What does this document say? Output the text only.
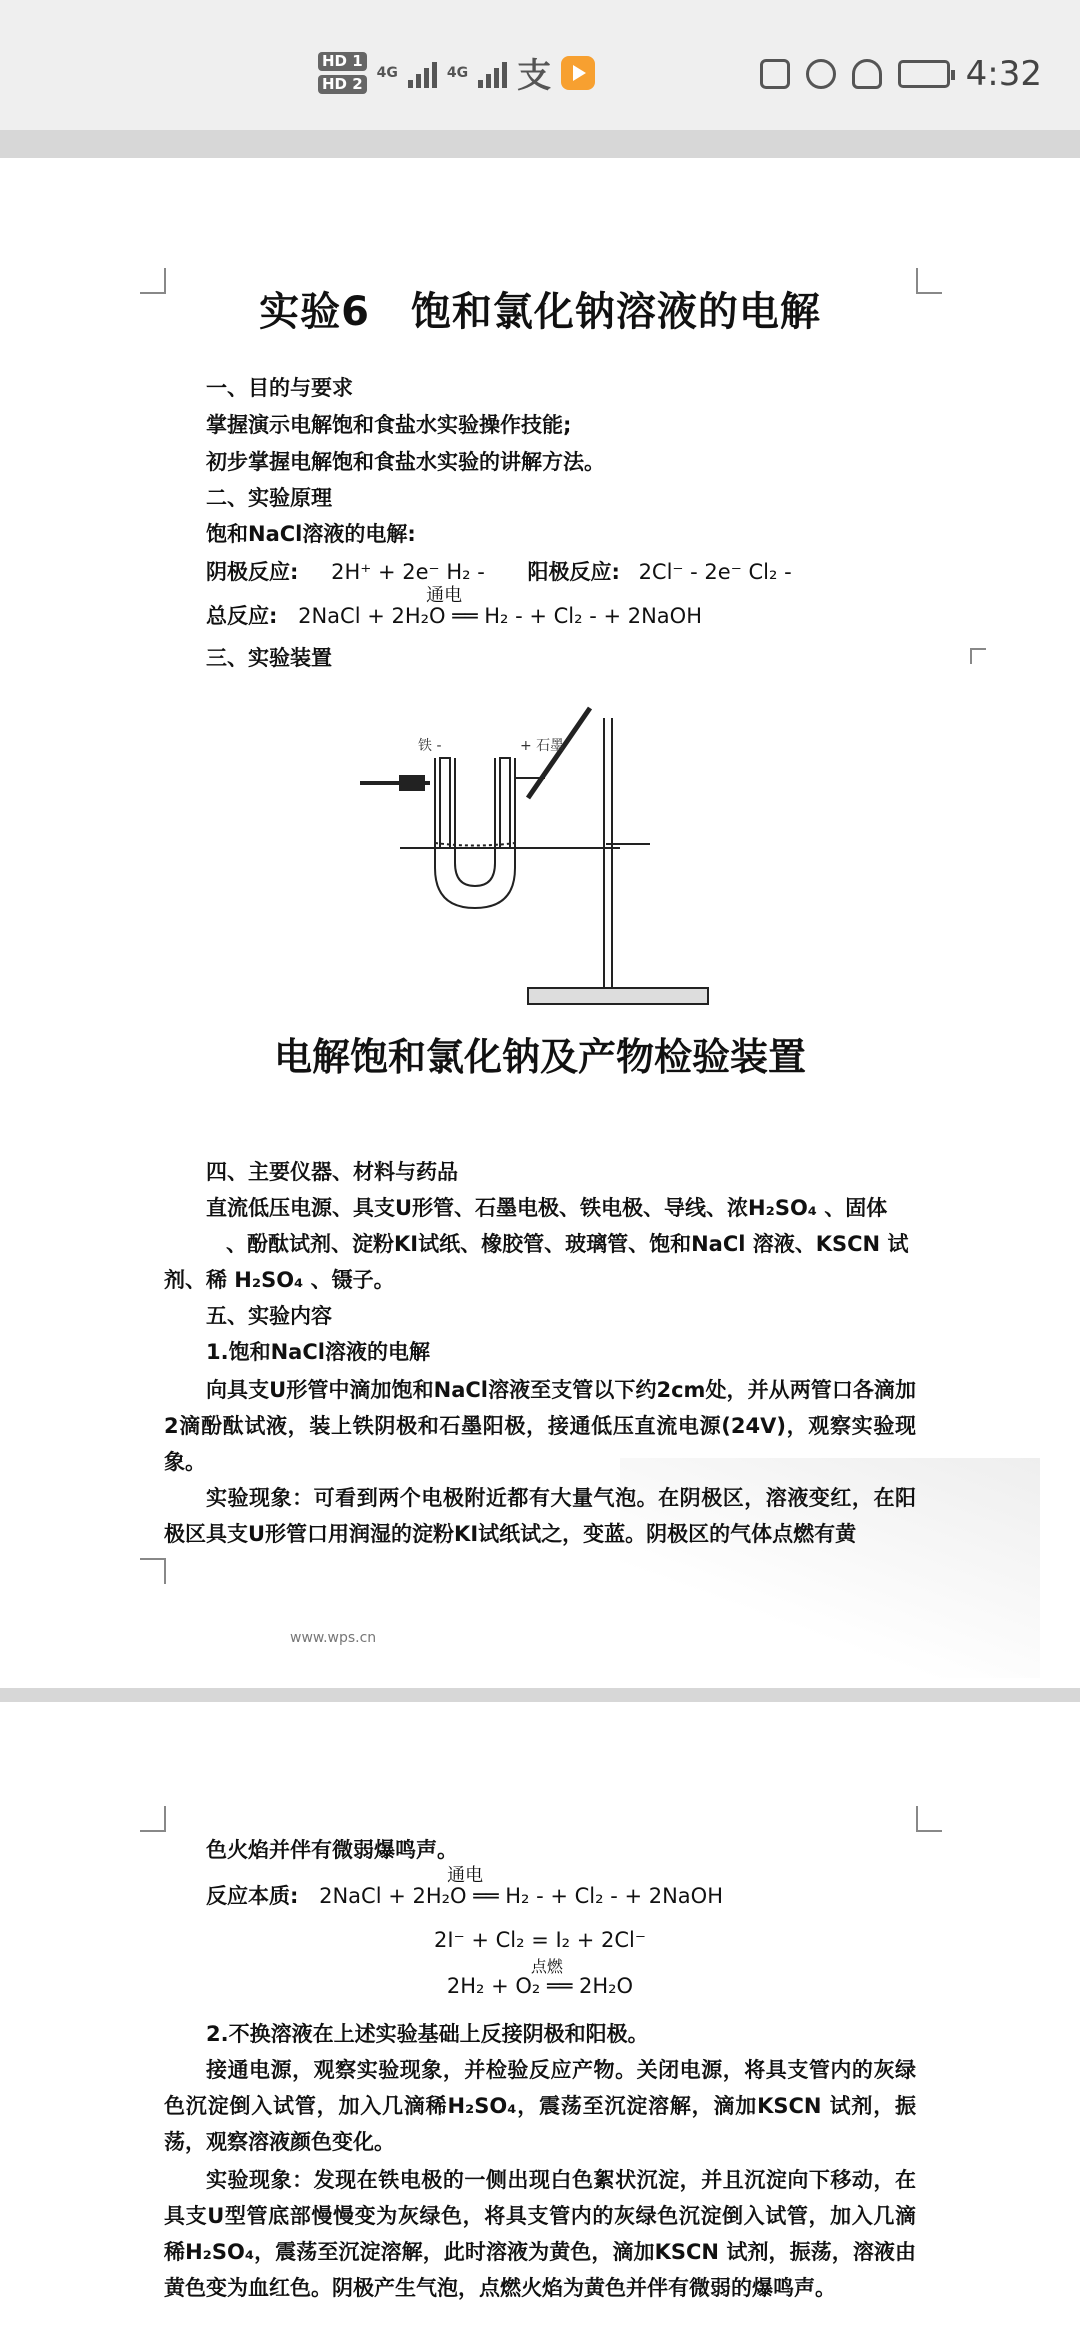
HD 1
HD 2
4G	4G 支	4:32
实验6　饱和氯化钠溶液的电解
一、目的与要求
掌握演示电解饱和食盐水实验操作技能;
初步掌握电解饱和食盐水实验的讲解方法。
二、实验原理
饱和NaCl溶液的电解:
阴极反应: 2H⁺ + 2e⁻ H₂ - 阳极反应: 2Cl⁻ - 2e⁻ Cl₂ -
总反应:
通电
2NaCl + 2H₂O ══ H₂ - + Cl₂ - + 2NaOH
三、实验装置
铁 -	+ 石墨
电解饱和氯化钠及产物检验装置
四、主要仪器、材料与药品
直流低压电源、具支U形管、石墨电极、铁电极、导线、浓H₂SO₄ 、固体
、酚酞试剂、淀粉KI试纸、橡胶管、玻璃管、饱和NaCl 溶液、KSCN 试
剂、稀 H₂SO₄ 、镊子。
五、实验内容
1.饱和NaCl溶液的电解
向具支U形管中滴加饱和NaCl溶液至支管以下约2cm处，并从两管口各滴加2滴酚酞试液，装上铁阴极和石墨阳极，接通低压直流电源(24V)，观察实验现象。
实验现象：可看到两个电极附近都有大量气泡。在阴极区，溶液变红，在阳极区具支U形管口用润湿的淀粉KI试纸试之，变蓝。阴极区的气体点燃有黄
www.wps.cn
色火焰并伴有微弱爆鸣声。
反应本质:
通电
2NaCl + 2H₂O ══ H₂ - + Cl₂ - + 2NaOH
2I⁻ + Cl₂ = I₂ + 2Cl⁻
点燃
2H₂ + O₂ ══ 2H₂O
2.不换溶液在上述实验基础上反接阴极和阳极。
接通电源，观察实验现象，并检验反应产物。关闭电源，将具支管内的灰绿色沉淀倒入试管，加入几滴稀H₂SO₄，震荡至沉淀溶解，滴加KSCN 试剂，振荡，观察溶液颜色变化。
实验现象：发现在铁电极的一侧出现白色絮状沉淀，并且沉淀向下移动，在具支U型管底部慢慢变为灰绿色，将具支管内的灰绿色沉淀倒入试管，加入几滴稀H₂SO₄，震荡至沉淀溶解，此时溶液为黄色，滴加KSCN 试剂，振荡，溶液由黄色变为血红色。阴极产生气泡，点燃火焰为黄色并伴有微弱的爆鸣声。
